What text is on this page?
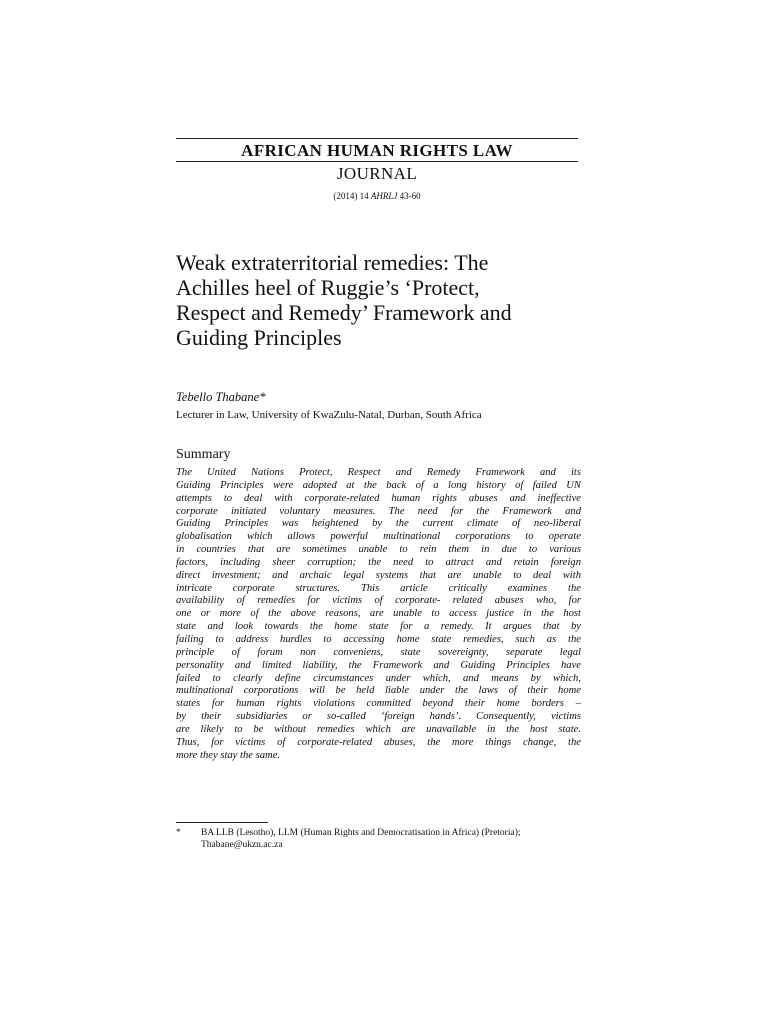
AFRICAN HUMAN RIGHTS LAW
JOURNAL
(2014) 14 AHRLJ 43-60
Weak extraterritorial remedies: The
Achilles heel of Ruggie’s ‘Protect,
Respect and Remedy’ Framework and
Guiding Principles
Tebello Thabane*
Lecturer in Law, University of KwaZulu-Natal, Durban, South Africa
Summary
The United Nations Protect, Respect and Remedy Framework and its
Guiding Principles were adopted at the back of a long history of failed UN
attempts to deal with corporate-related human rights abuses and ineffective
corporate initiated voluntary measures. The need for the Framework and
Guiding Principles was heightened by the current climate of neo-liberal
globalisation which allows powerful multinational corporations to operate
in countries that are sometimes unable to rein them in due to various
factors, including sheer corruption; the need to attract and retain foreign
direct investment; and archaic legal systems that are unable to deal with
intricate corporate structures. This article critically examines the
availability of remedies for victims of corporate- related abuses who, for
one or more of the above reasons, are unable to access justice in the host
state and look towards the home state for a remedy. It argues that by
failing to address hurdles to accessing home state remedies, such as the
principle of forum non conveniens, state sovereignty, separate legal
personality and limited liability, the Framework and Guiding Principles have
failed to clearly define circumstances under which, and means by which,
multinational corporations will be held liable under the laws of their home
states for human rights violations committed beyond their home borders –
by their subsidiaries or so-called ‘foreign hands’. Consequently, victims
are likely to be without remedies which are unavailable in the host state.
Thus, for victims of corporate-related abuses, the more things change, the
more they stay the same.
* BA LLB (Lesotho), LLM (Human Rights and Democratisation in Africa) (Pretoria);
Thabane@ukzn.ac.za
